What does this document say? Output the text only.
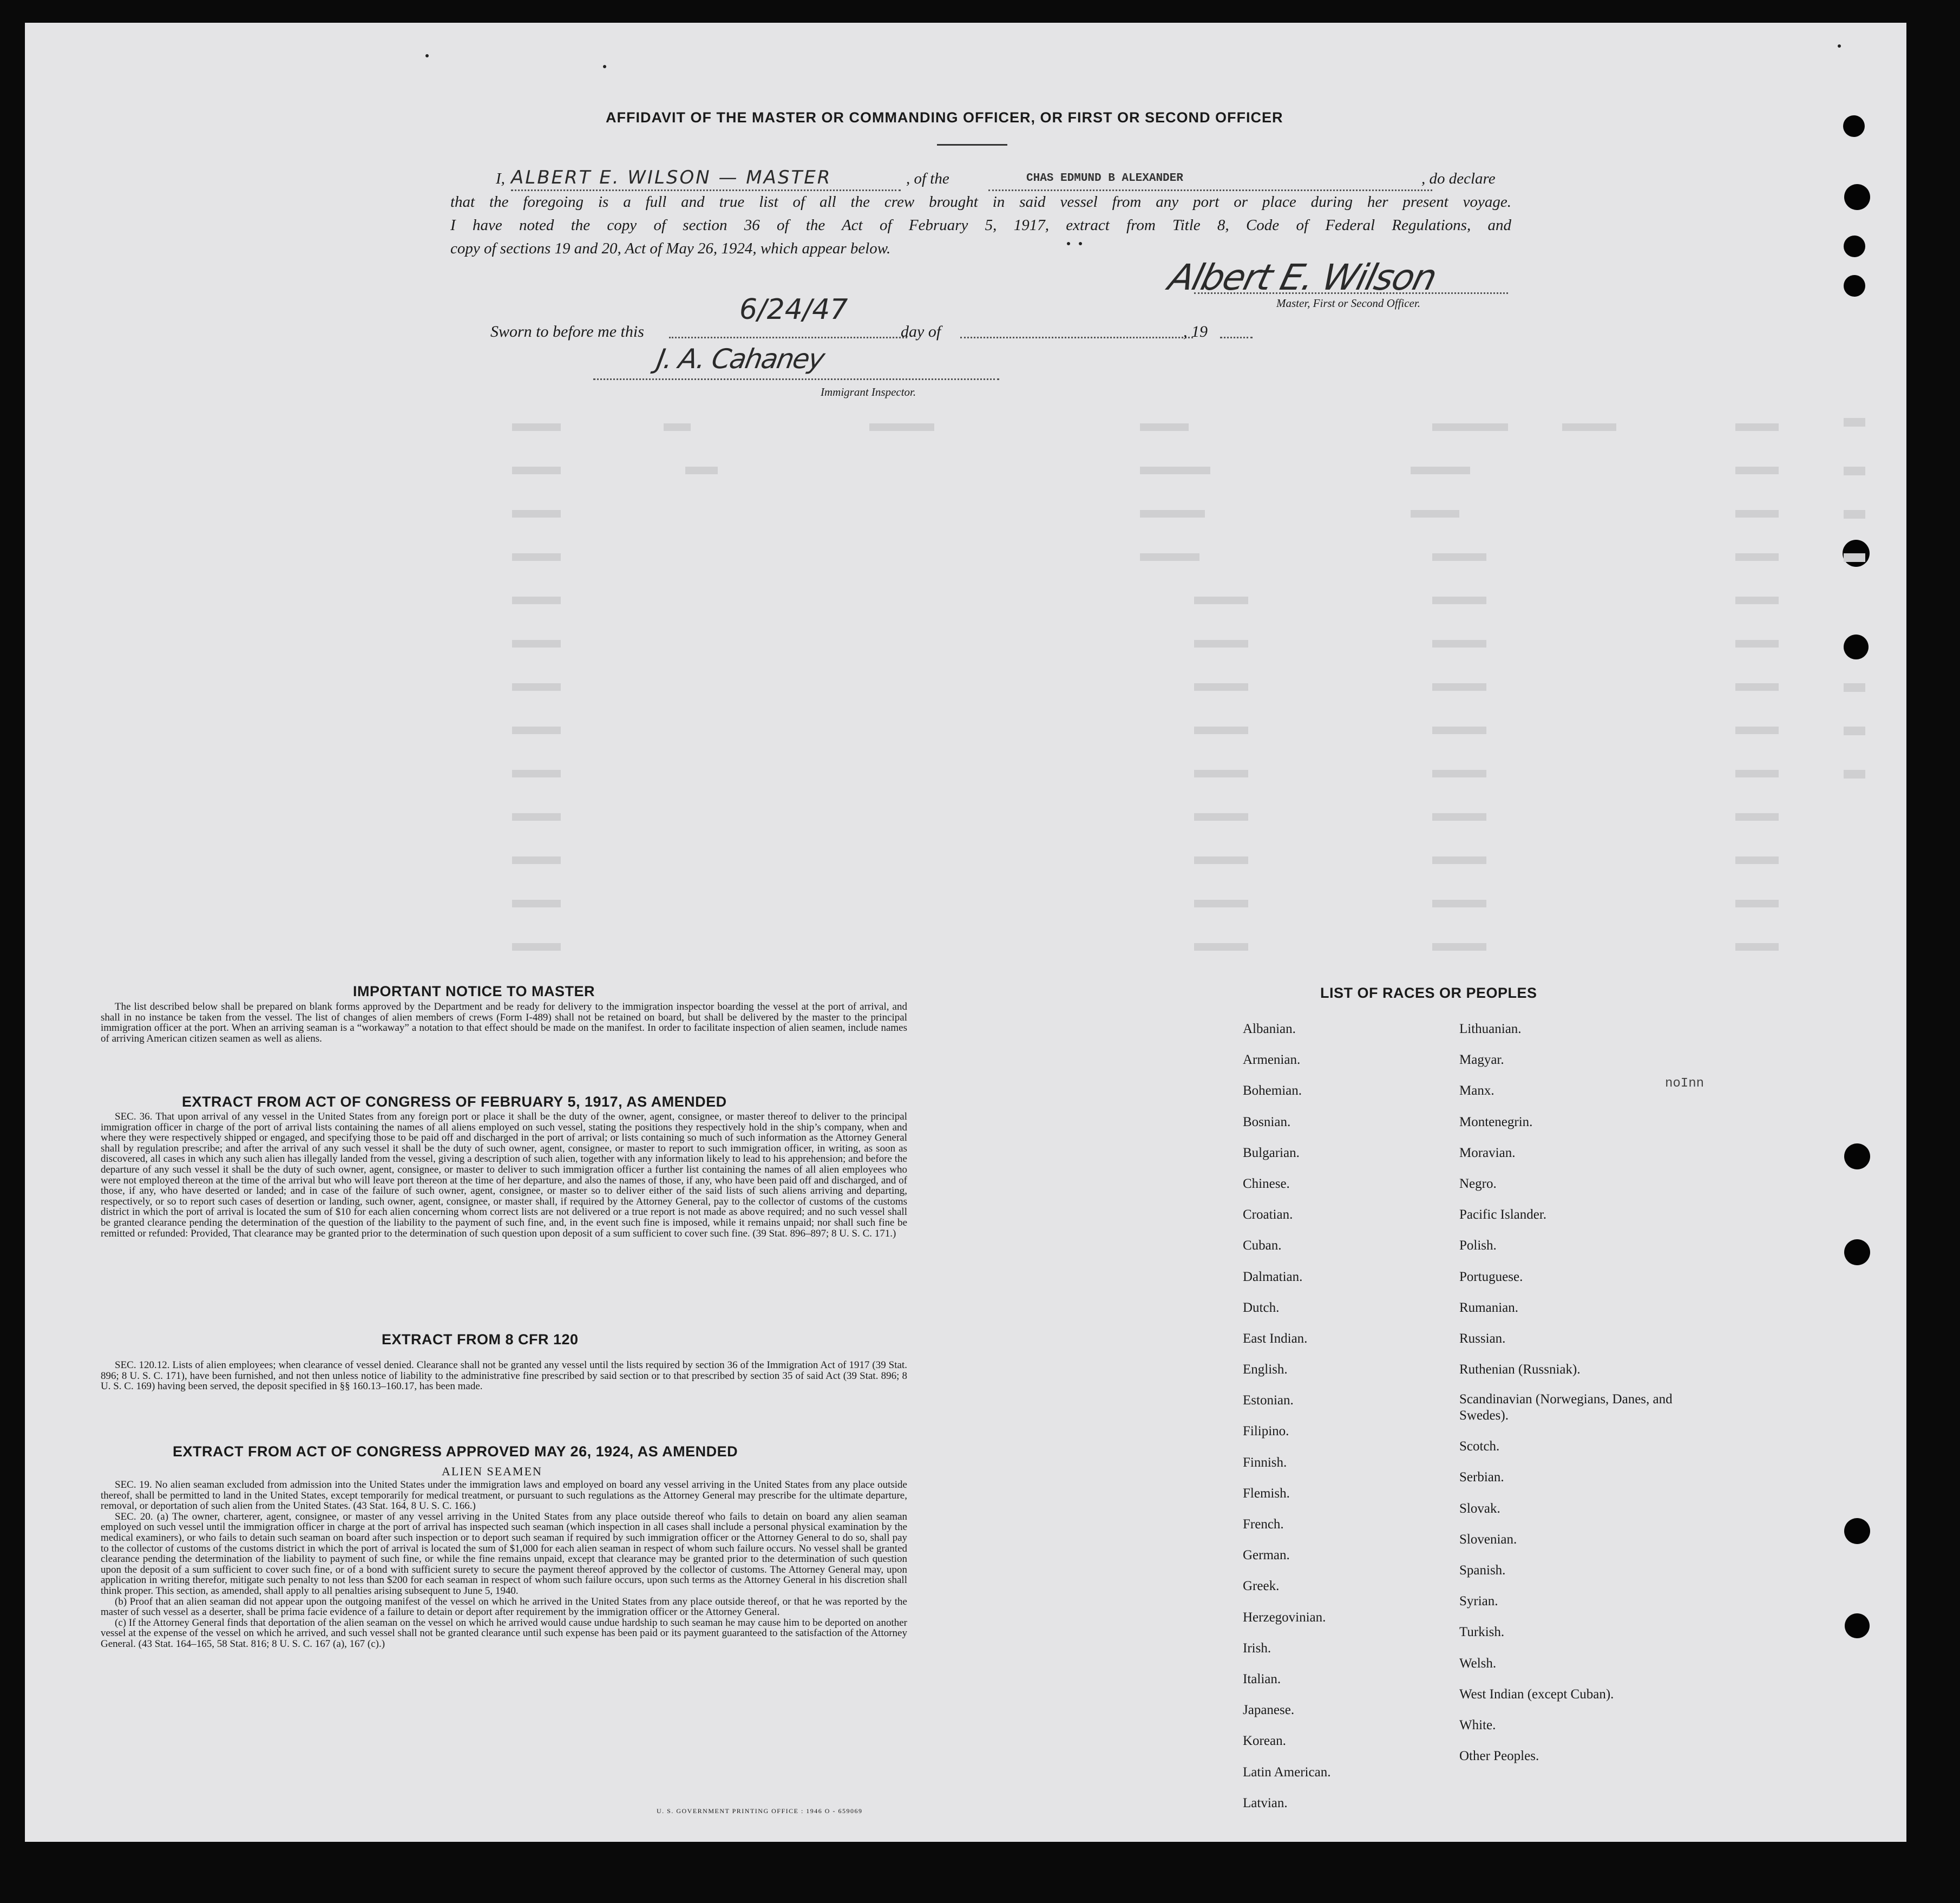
AFFIDAVIT OF THE MASTER OR COMMANDING OFFICER, OR FIRST OR SECOND OFFICER
I, ALBERT E. WILSON — MASTER	, of the	CHAS EDMUND B ALEXANDER	, do declare
that the foregoing is a full and true list of all the crew brought in said vessel from any port or place during her present voyage.
I have noted the copy of section 36 of the Act of February 5, 1917, extract from Title 8, Code of Federal Regulations, and
copy of sections 19 and 20, Act of May 26, 1924, which appear below.
Albert E. Wilson
Master, First or Second Officer.
Sworn to before me this
6/24/47
day of	, 19
J. A. Cahaney
Immigrant Inspector.
IMPORTANT NOTICE TO MASTER

The list described below shall be prepared on blank forms approved by the Department and be ready for delivery to the immigration inspector boarding the vessel at the port of arrival, and shall in no instance be taken from the vessel. The list of changes of alien members of crews (Form I-489) shall not be retained on board, but shall be delivered by the master to the principal immigration officer at the port. When an arriving seaman is a “workaway” a notation to that effect should be made on the manifest. In order to facilitate inspection of alien seamen, include names of arriving American citizen seamen as well as aliens.

EXTRACT FROM ACT OF CONGRESS OF FEBRUARY 5, 1917, AS AMENDED

SEC. 36. That upon arrival of any vessel in the United States from any foreign port or place it shall be the duty of the owner, agent, consignee, or master thereof to deliver to the principal immigration officer in charge of the port of arrival lists containing the names of all aliens employed on such vessel, stating the positions they respectively hold in the ship’s company, when and where they were respectively shipped or engaged, and specifying those to be paid off and discharged in the port of arrival; or lists containing so much of such information as the Attorney General shall by regulation prescribe; and after the arrival of any such vessel it shall be the duty of such owner, agent, consignee, or master to report to such immigration officer, in writing, as soon as discovered, all cases in which any such alien has illegally landed from the vessel, giving a description of such alien, together with any information likely to lead to his apprehension; and before the departure of any such vessel it shall be the duty of such owner, agent, consignee, or master to deliver to such immigration officer a further list containing the names of all alien employees who were not employed thereon at the time of the arrival but who will leave port thereon at the time of her departure, and also the names of those, if any, who have been paid off and discharged, and of those, if any, who have deserted or landed; and in case of the failure of such owner, agent, consignee, or master so to deliver either of the said lists of such aliens arriving and departing, respectively, or so to report such cases of desertion or landing, such owner, agent, consignee, or master shall, if required by the Attorney General, pay to the collector of customs of the customs district in which the port of arrival is located the sum of $10 for each alien concerning whom correct lists are not delivered or a true report is not made as above required; and no such vessel shall be granted clearance pending the determination of the question of the liability to the payment of such fine, and, in the event such fine is imposed, while it remains unpaid; nor shall such fine be remitted or refunded: Provided, That clearance may be granted prior to the determination of such question upon deposit of a sum sufficient to cover such fine. (39 Stat. 896–897; 8 U. S. C. 171.)

EXTRACT FROM 8 CFR 120

SEC. 120.12. Lists of alien employees; when clearance of vessel denied. Clearance shall not be granted any vessel until the lists required by section 36 of the Immigration Act of 1917 (39 Stat. 896; 8 U. S. C. 171), have been furnished, and not then unless notice of liability to the administrative fine prescribed by said section or to that prescribed by section 35 of said Act (39 Stat. 896; 8 U. S. C. 169) having been served, the deposit specified in §§ 160.13–160.17, has been made.

EXTRACT FROM ACT OF CONGRESS APPROVED MAY 26, 1924, AS AMENDED
ALIEN SEAMEN

SEC. 19. No alien seaman excluded from admission into the United States under the immigration laws and employed on board any vessel arriving in the United States from any place outside thereof, shall be permitted to land in the United States, except temporarily for medical treatment, or pursuant to such regulations as the Attorney General may prescribe for the ultimate departure, removal, or deportation of such alien from the United States. (43 Stat. 164, 8 U. S. C. 166.)

SEC. 20. (a) The owner, charterer, agent, consignee, or master of any vessel arriving in the United States from any place outside thereof who fails to detain on board any alien seaman employed on such vessel until the immigration officer in charge at the port of arrival has inspected such seaman (which inspection in all cases shall include a personal physical examination by the medical examiners), or who fails to detain such seaman on board after such inspection or to deport such seaman if required by such immigration officer or the Attorney General to do so, shall pay to the collector of customs of the customs district in which the port of arrival is located the sum of $1,000 for each alien seaman in respect of whom such failure occurs. No vessel shall be granted clearance pending the determination of the liability to payment of such fine, or while the fine remains unpaid, except that clearance may be granted prior to the determination of such question upon the deposit of a sum sufficient to cover such fine, or of a bond with sufficient surety to secure the payment thereof approved by the collector of customs. The Attorney General may, upon application in writing therefor, mitigate such penalty to not less than $200 for each seaman in respect of whom such failure occurs, upon such terms as the Attorney General in his discretion shall think proper. This section, as amended, shall apply to all penalties arising subsequent to June 5, 1940.

(b) Proof that an alien seaman did not appear upon the outgoing manifest of the vessel on which he arrived in the United States from any place outside thereof, or that he was reported by the master of such vessel as a deserter, shall be prima facie evidence of a failure to detain or deport after requirement by the immigration officer or the Attorney General.

(c) If the Attorney General finds that deportation of the alien seaman on the vessel on which he arrived would cause undue hardship to such seaman he may cause him to be deported on another vessel at the expense of the vessel on which he arrived, and such vessel shall not be granted clearance until such expense has been paid or its payment guaranteed to the satisfaction of the Attorney General. (43 Stat. 164–165, 58 Stat. 816; 8 U. S. C. 167 (a), 167 (c).)

U. S. GOVERNMENT PRINTING OFFICE : 1946 O - 659069
LIST OF RACES OR PEOPLES
Albanian.
Armenian.
Bohemian.
Bosnian.
Bulgarian.
Chinese.
Croatian.
Cuban.
Dalmatian.
Dutch.
East Indian.
English.
Estonian.
Filipino.
Finnish.
Flemish.
French.
German.
Greek.
Herzegovinian.
Irish.
Italian.
Japanese.
Korean.
Latin American.
Latvian.
Lithuanian.
Magyar.
Manx.
Montenegrin.
Moravian.
Negro.
Pacific Islander.
Polish.
Portuguese.
Rumanian.
Russian.
Ruthenian (Russniak).
Scandinavian (Norwegians, Danes, and Swedes).
Scotch.
Serbian.
Slovak.
Slovenian.
Spanish.
Syrian.
Turkish.
Welsh.
West Indian (except Cuban).
White.
Other Peoples.
noInn
